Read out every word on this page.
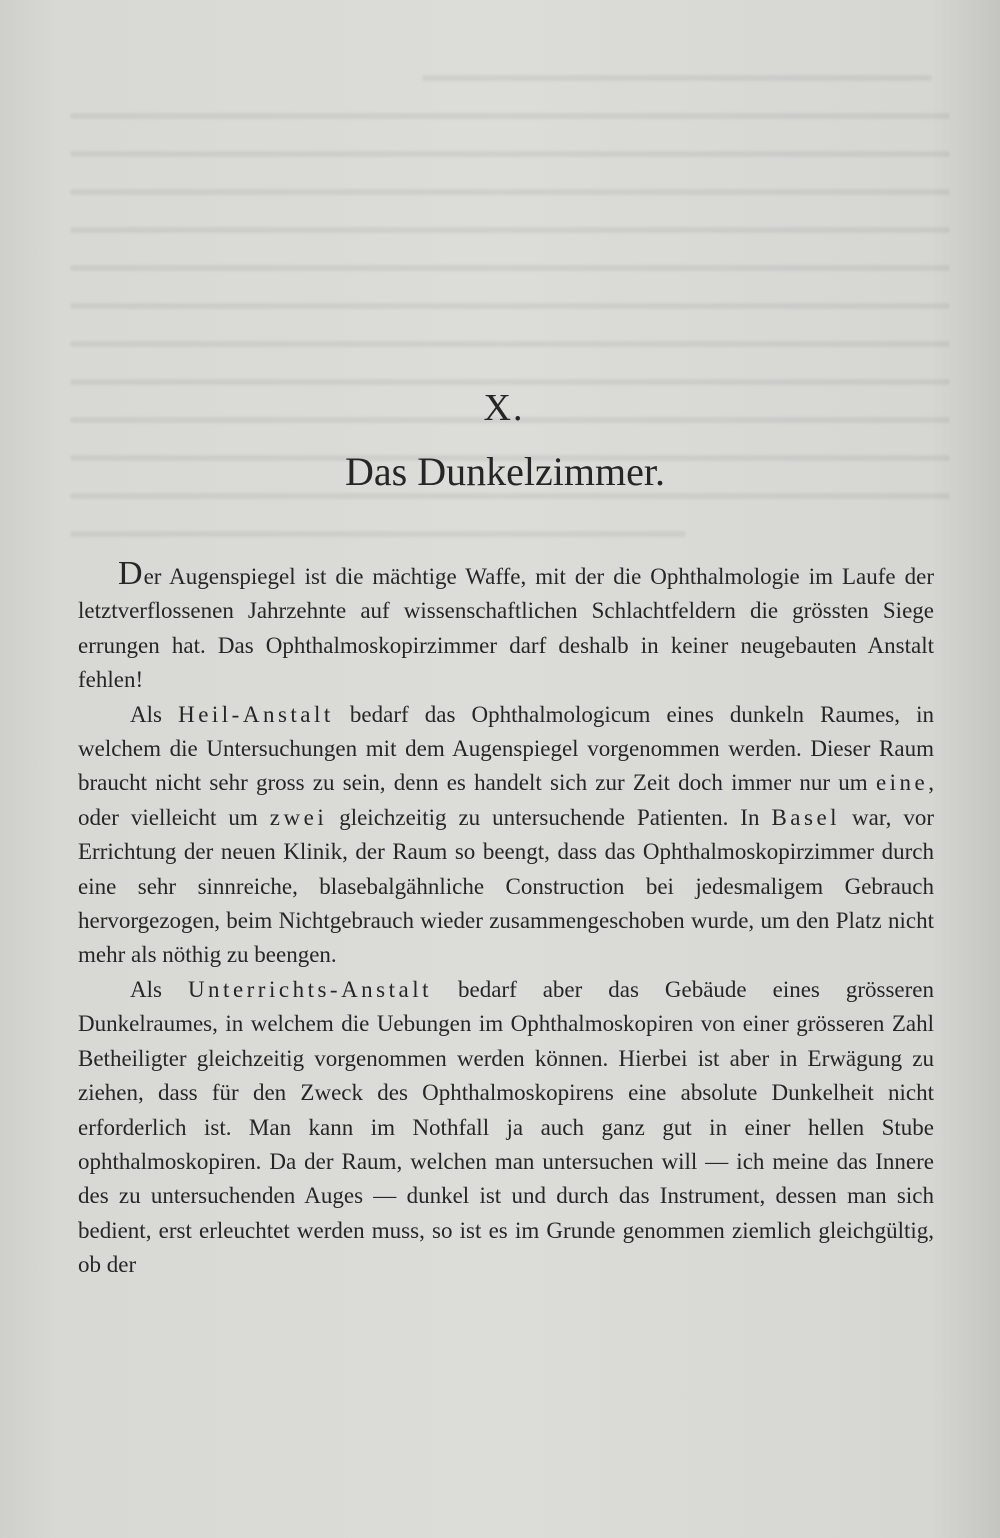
X.
Das Dunkelzimmer.

Der Augenspiegel ist die mächtige Waffe, mit der die Ophthalmologie im Laufe der letztverflossenen Jahrzehnte auf wissenschaftlichen Schlachtfeldern die grössten Siege errungen hat. Das Ophthalmoskopirzimmer darf deshalb in keiner neugebauten Anstalt fehlen!

Als Heil-Anstalt bedarf das Ophthalmologicum eines dunkeln Raumes, in welchem die Untersuchungen mit dem Augenspiegel vorgenommen werden. Dieser Raum braucht nicht sehr gross zu sein, denn es handelt sich zur Zeit doch immer nur um eine, oder vielleicht um zwei gleichzeitig zu untersuchende Patienten. In Basel war, vor Errichtung der neuen Klinik, der Raum so beengt, dass das Ophthalmoskopirzimmer durch eine sehr sinnreiche, blasebalgähnliche Construction bei jedesmaligem Gebrauch hervorgezogen, beim Nichtgebrauch wieder zusammengeschoben wurde, um den Platz nicht mehr als nöthig zu beengen.

Als Unterrichts-Anstalt bedarf aber das Gebäude eines grösseren Dunkelraumes, in welchem die Uebungen im Ophthalmoskopiren von einer grösseren Zahl Betheiligter gleichzeitig vorgenommen werden können. Hierbei ist aber in Erwägung zu ziehen, dass für den Zweck des Ophthalmoskopirens eine absolute Dunkelheit nicht erforderlich ist. Man kann im Nothfall ja auch ganz gut in einer hellen Stube ophthalmoskopiren. Da der Raum, welchen man untersuchen will — ich meine das Innere des zu untersuchenden Auges — dunkel ist und durch das Instrument, dessen man sich bedient, erst erleuchtet werden muss, so ist es im Grunde genommen ziemlich gleichgültig, ob der
